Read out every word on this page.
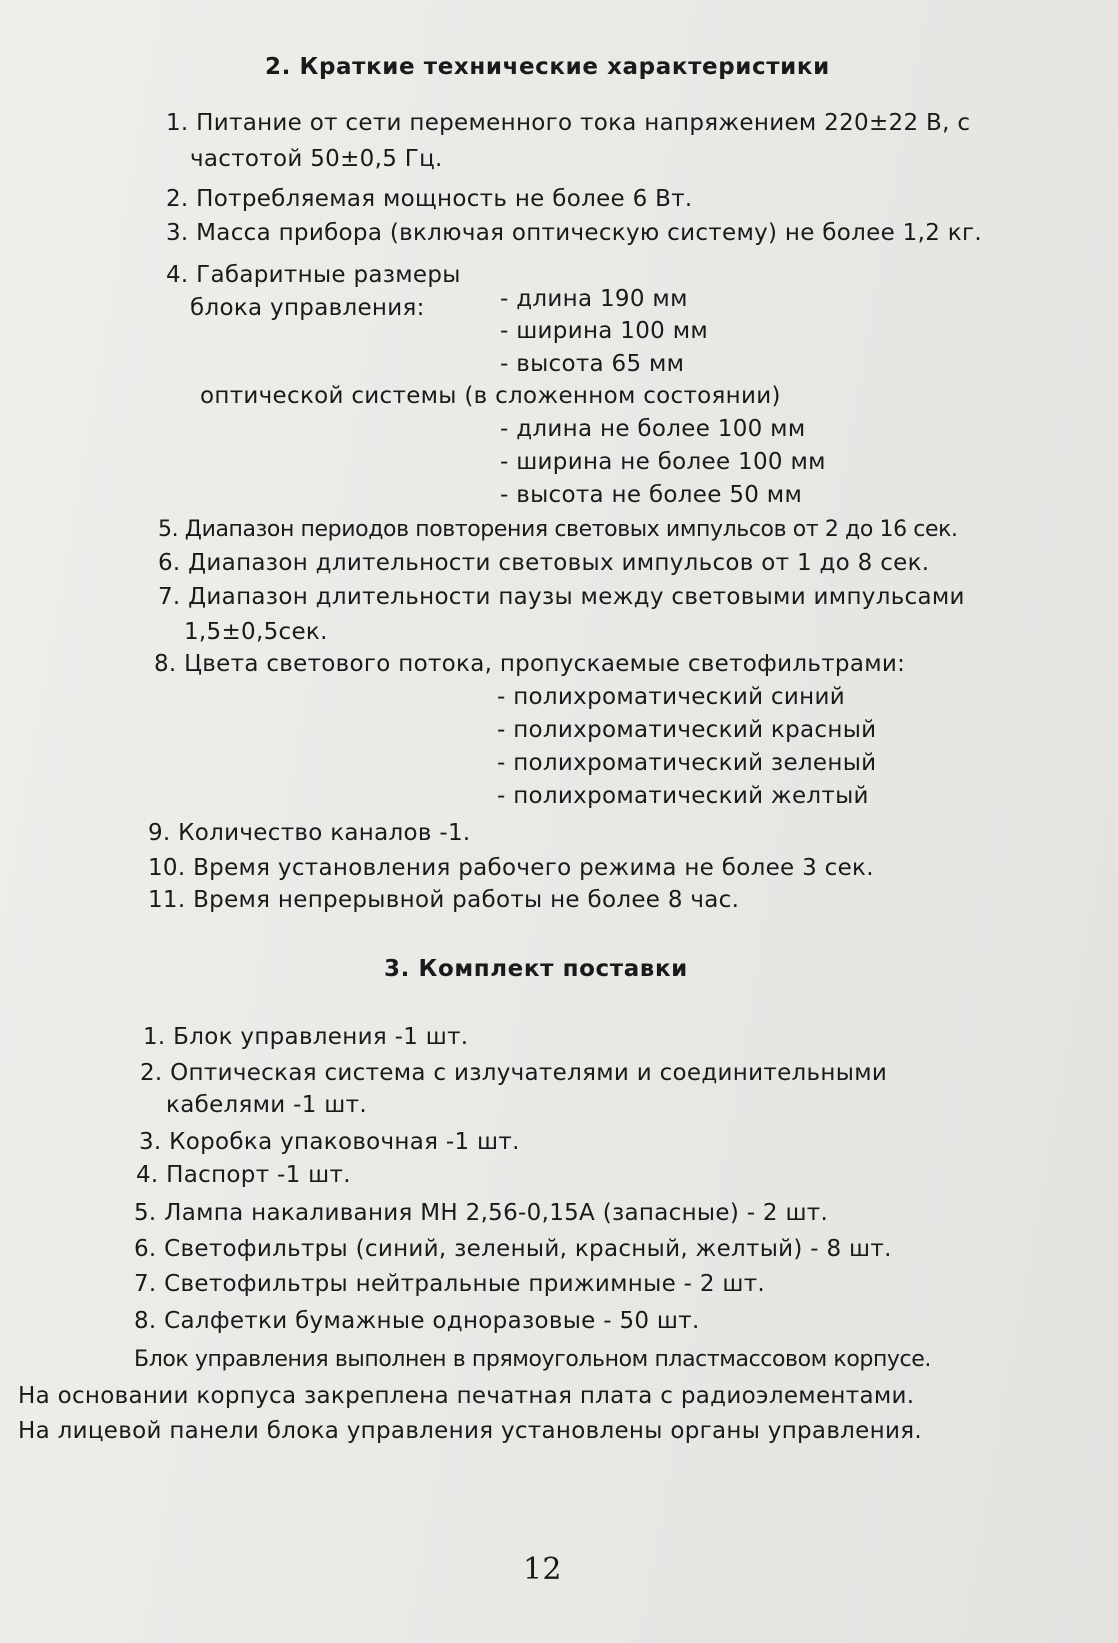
2. Краткие технические характеристики
1. Питание от сети переменного тока напряжением 220±22 В, с
частотой 50±0,5 Гц.
2. Потребляемая мощность не более 6 Вт.
3. Масса прибора (включая оптическую систему) не более 1,2 кг.
4. Габаритные размеры
блока управления:	- длина 190 мм
- ширина 100 мм
- высота 65 мм
оптической системы (в сложенном состоянии)
- длина не более 100 мм
- ширина не более 100 мм
- высота не более 50 мм
5. Диапазон периодов повторения световых импульсов от 2 до 16 сек.
6. Диапазон длительности световых импульсов от 1 до 8 сек.
7. Диапазон длительности паузы между световыми импульсами
1,5±0,5сек.
8. Цвета светового потока, пропускаемые светофильтрами:
- полихроматический синий
- полихроматический красный
- полихроматический зеленый
- полихроматический желтый
9. Количество каналов -1.
10. Время установления рабочего режима не более 3 сек.
11. Время непрерывной работы не более 8 час.
3. Комплект поставки
1. Блок управления -1 шт.
2. Оптическая система с излучателями и соединительными
кабелями -1 шт.
3. Коробка упаковочная -1 шт.
4. Паспорт -1 шт.
5. Лампа накаливания МН 2,56-0,15А (запасные) - 2 шт.
6. Светофильтры (синий, зеленый, красный, желтый) - 8 шт.
7. Светофильтры нейтральные прижимные - 2 шт.
8. Салфетки бумажные одноразовые - 50 шт.
Блок управления выполнен в прямоугольном пластмассовом корпусе.
На основании корпуса закреплена печатная плата с радиоэлементами.
На лицевой панели блока управления установлены органы управления.
12
